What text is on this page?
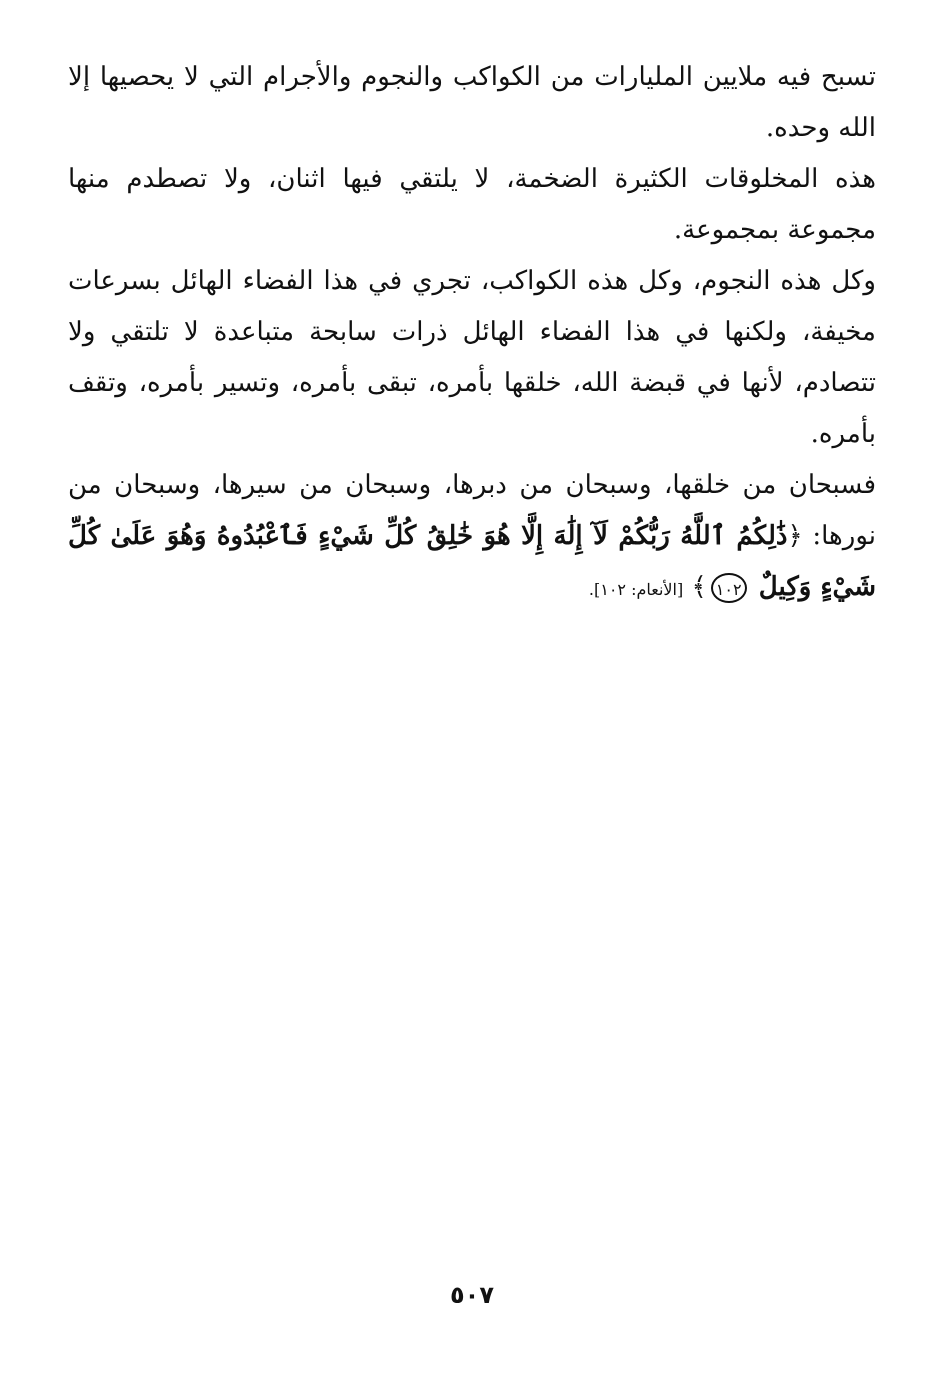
تسبح فيه ملايين المليارات من الكواكب والنجوم والأجرام التي لا يحصيها إلا الله وحده.

هذه المخلوقات الكثيرة الضخمة، لا يلتقي فيها اثنان، ولا تصطدم منها مجموعة بمجموعة.

وكل هذه النجوم، وكل هذه الكواكب، تجري في هذا الفضاء الهائل بسرعات مخيفة، ولكنها في هذا الفضاء الهائل ذرات سابحة متباعدة لا تلتقي ولا تتصادم، لأنها في قبضة الله، خلقها بأمره، تبقى بأمره، وتسير بأمره، وتقف بأمره.

فسبحان من خلقها، وسبحان من دبرها، وسبحان من سيرها، وسبحان من نورها: ﴿ذَٰلِكُمُ ٱللَّهُ رَبُّكُمْ لَآ إِلَٰهَ إِلَّا هُوَ خَٰلِقُ كُلِّ شَيْءٍ فَٱعْبُدُوهُ وَهُوَ عَلَىٰ كُلِّ شَيْءٍ وَكِيلٌ ١٠٢﴾ [الأنعام: ١٠٢].

٥٠٧
